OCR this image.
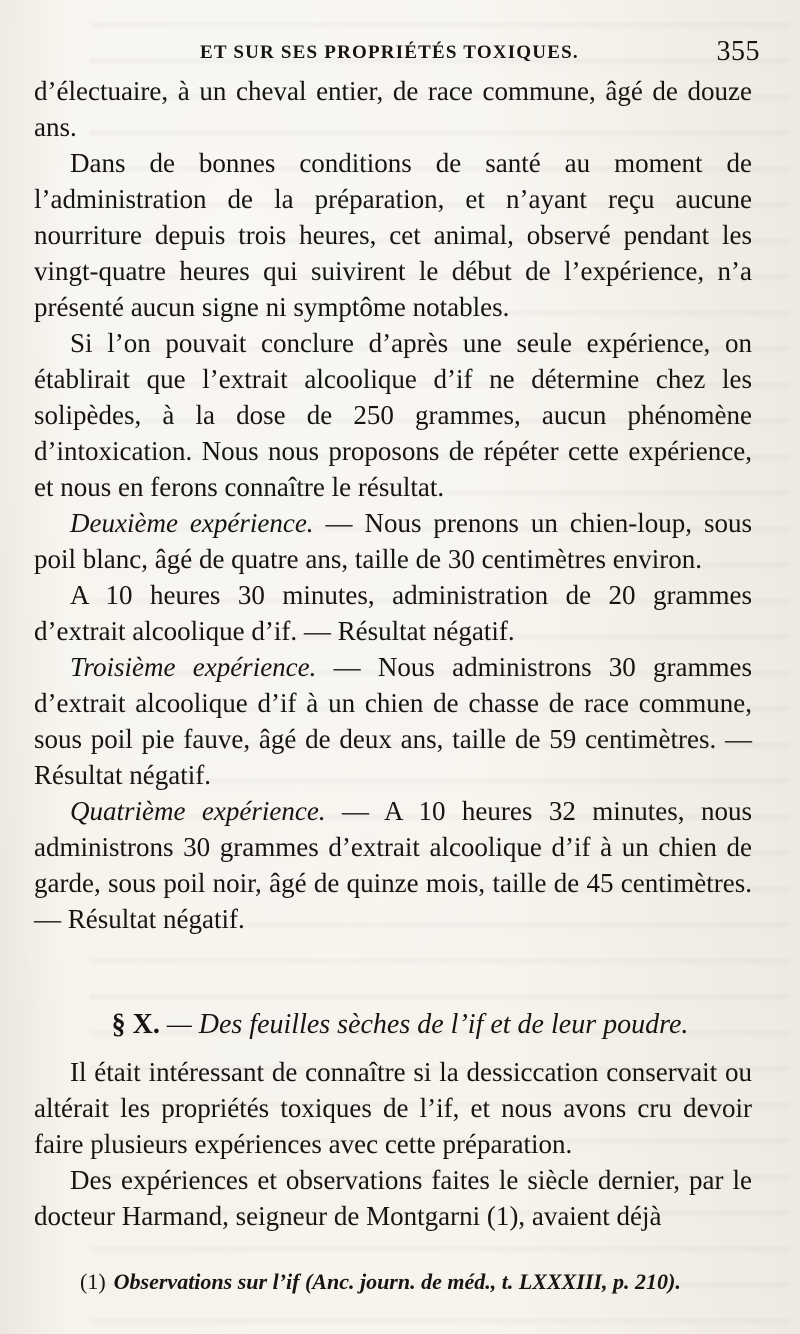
ET SUR SES PROPRIÉTÉS TOXIQUES.	355

d’électuaire, à un cheval entier, de race commune, âgé de douze ans.

Dans de bonnes conditions de santé au moment de l’administration de la préparation, et n’ayant reçu aucune nourriture depuis trois heures, cet animal, observé pendant les vingt-quatre heures qui suivirent le début de l’expérience, n’a présenté aucun signe ni symptôme notables.

Si l’on pouvait conclure d’après une seule expérience, on établirait que l’extrait alcoolique d’if ne détermine chez les solipèdes, à la dose de 250 grammes, aucun phénomène d’intoxication. Nous nous proposons de répéter cette expérience, et nous en ferons connaître le résultat.

Deuxième expérience. — Nous prenons un chien-loup, sous poil blanc, âgé de quatre ans, taille de 30 centimètres environ.

A 10 heures 30 minutes, administration de 20 grammes d’extrait alcoolique d’if. — Résultat négatif.

Troisième expérience. — Nous administrons 30 grammes d’extrait alcoolique d’if à un chien de chasse de race commune, sous poil pie fauve, âgé de deux ans, taille de 59 centimètres. — Résultat négatif.

Quatrième expérience. — A 10 heures 32 minutes, nous administrons 30 grammes d’extrait alcoolique d’if à un chien de garde, sous poil noir, âgé de quinze mois, taille de 45 centimètres. — Résultat négatif.

§ X. — Des feuilles sèches de l’if et de leur poudre.

Il était intéressant de connaître si la dessiccation conservait ou altérait les propriétés toxiques de l’if, et nous avons cru devoir faire plusieurs expériences avec cette préparation.

Des expériences et observations faites le siècle dernier, par le docteur Harmand, seigneur de Montgarni (1), avaient déjà

(1) Observations sur l’if (Anc. journ. de méd., t. LXXXIII, p. 210).
